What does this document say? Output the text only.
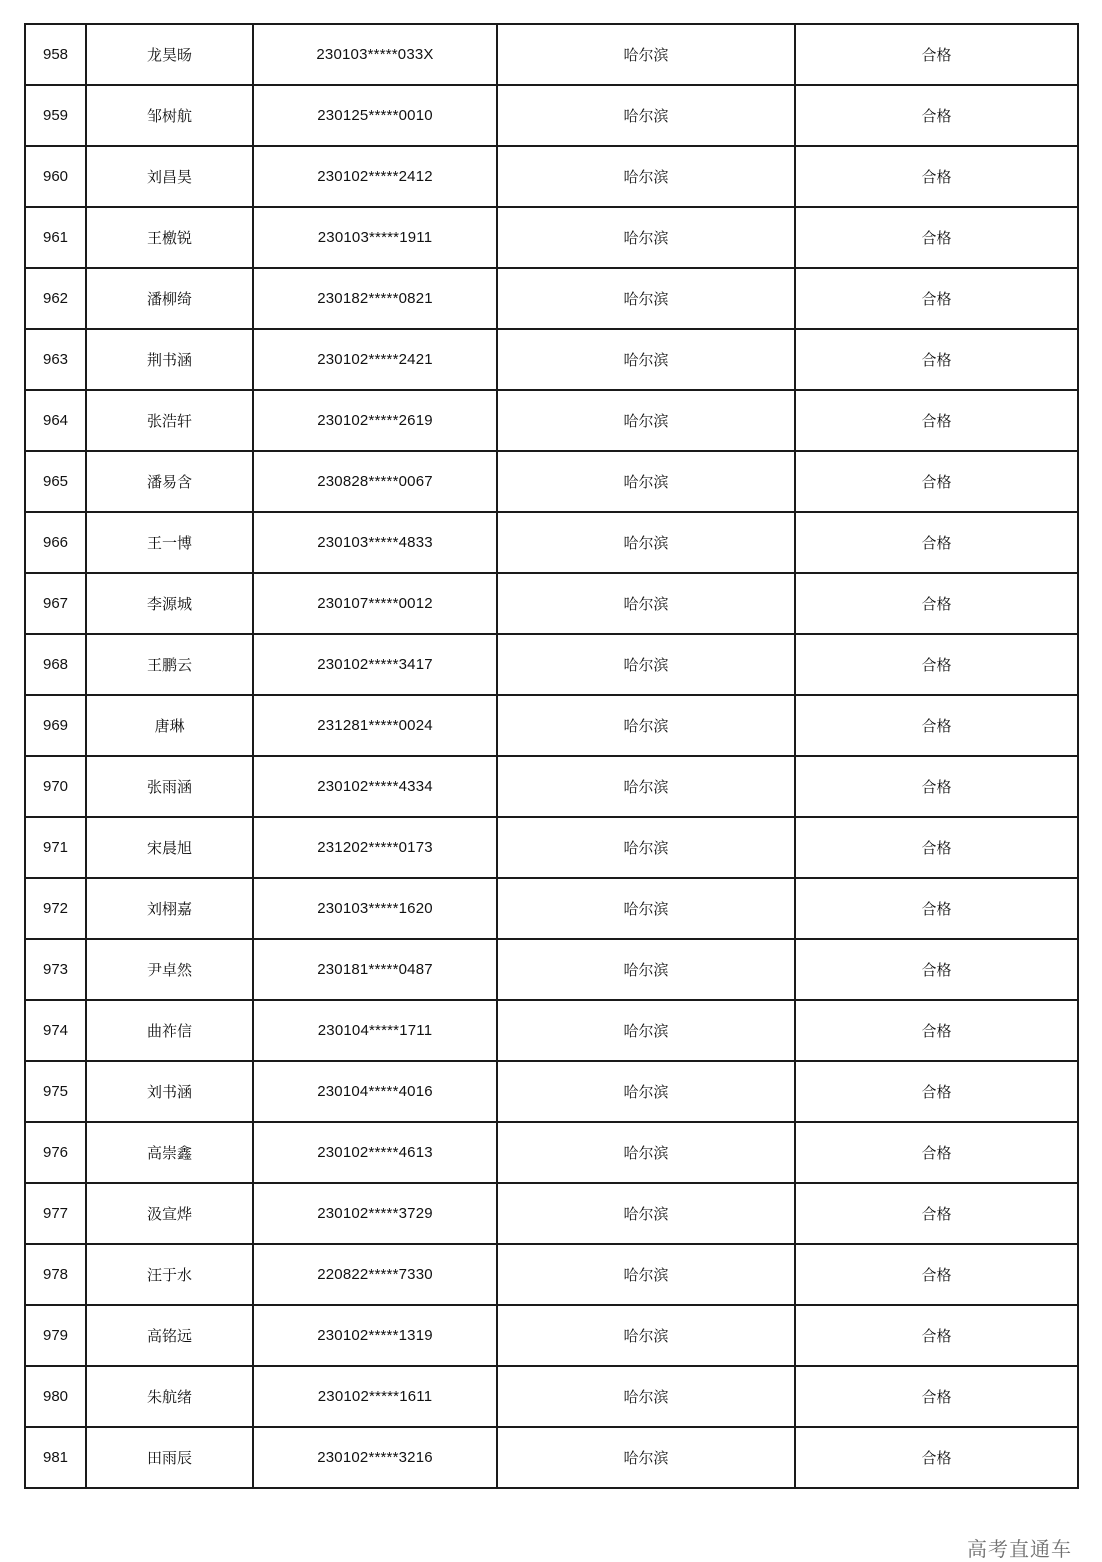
958	龙昊旸	230103*****033X	哈尔滨	合格
959	邹树航	230125*****0010	哈尔滨	合格
960	刘昌昊	230102*****2412	哈尔滨	合格
961	王檄锐	230103*****1911	哈尔滨	合格
962	潘柳绮	230182*****0821	哈尔滨	合格
963	荆书涵	230102*****2421	哈尔滨	合格
964	张浩轩	230102*****2619	哈尔滨	合格
965	潘易含	230828*****0067	哈尔滨	合格
966	王一博	230103*****4833	哈尔滨	合格
967	李源城	230107*****0012	哈尔滨	合格
968	王鹏云	230102*****3417	哈尔滨	合格
969	唐琳	231281*****0024	哈尔滨	合格
970	张雨涵	230102*****4334	哈尔滨	合格
971	宋晨旭	231202*****0173	哈尔滨	合格
972	刘栩嘉	230103*****1620	哈尔滨	合格
973	尹卓然	230181*****0487	哈尔滨	合格
974	曲祚信	230104*****1711	哈尔滨	合格
975	刘书涵	230104*****4016	哈尔滨	合格
976	高崇鑫	230102*****4613	哈尔滨	合格
977	汲宣烨	230102*****3729	哈尔滨	合格
978	汪于水	220822*****7330	哈尔滨	合格
979	高铭远	230102*****1319	哈尔滨	合格
980	朱航绪	230102*****1611	哈尔滨	合格
981	田雨辰	230102*****3216	哈尔滨	合格
高考直通车
